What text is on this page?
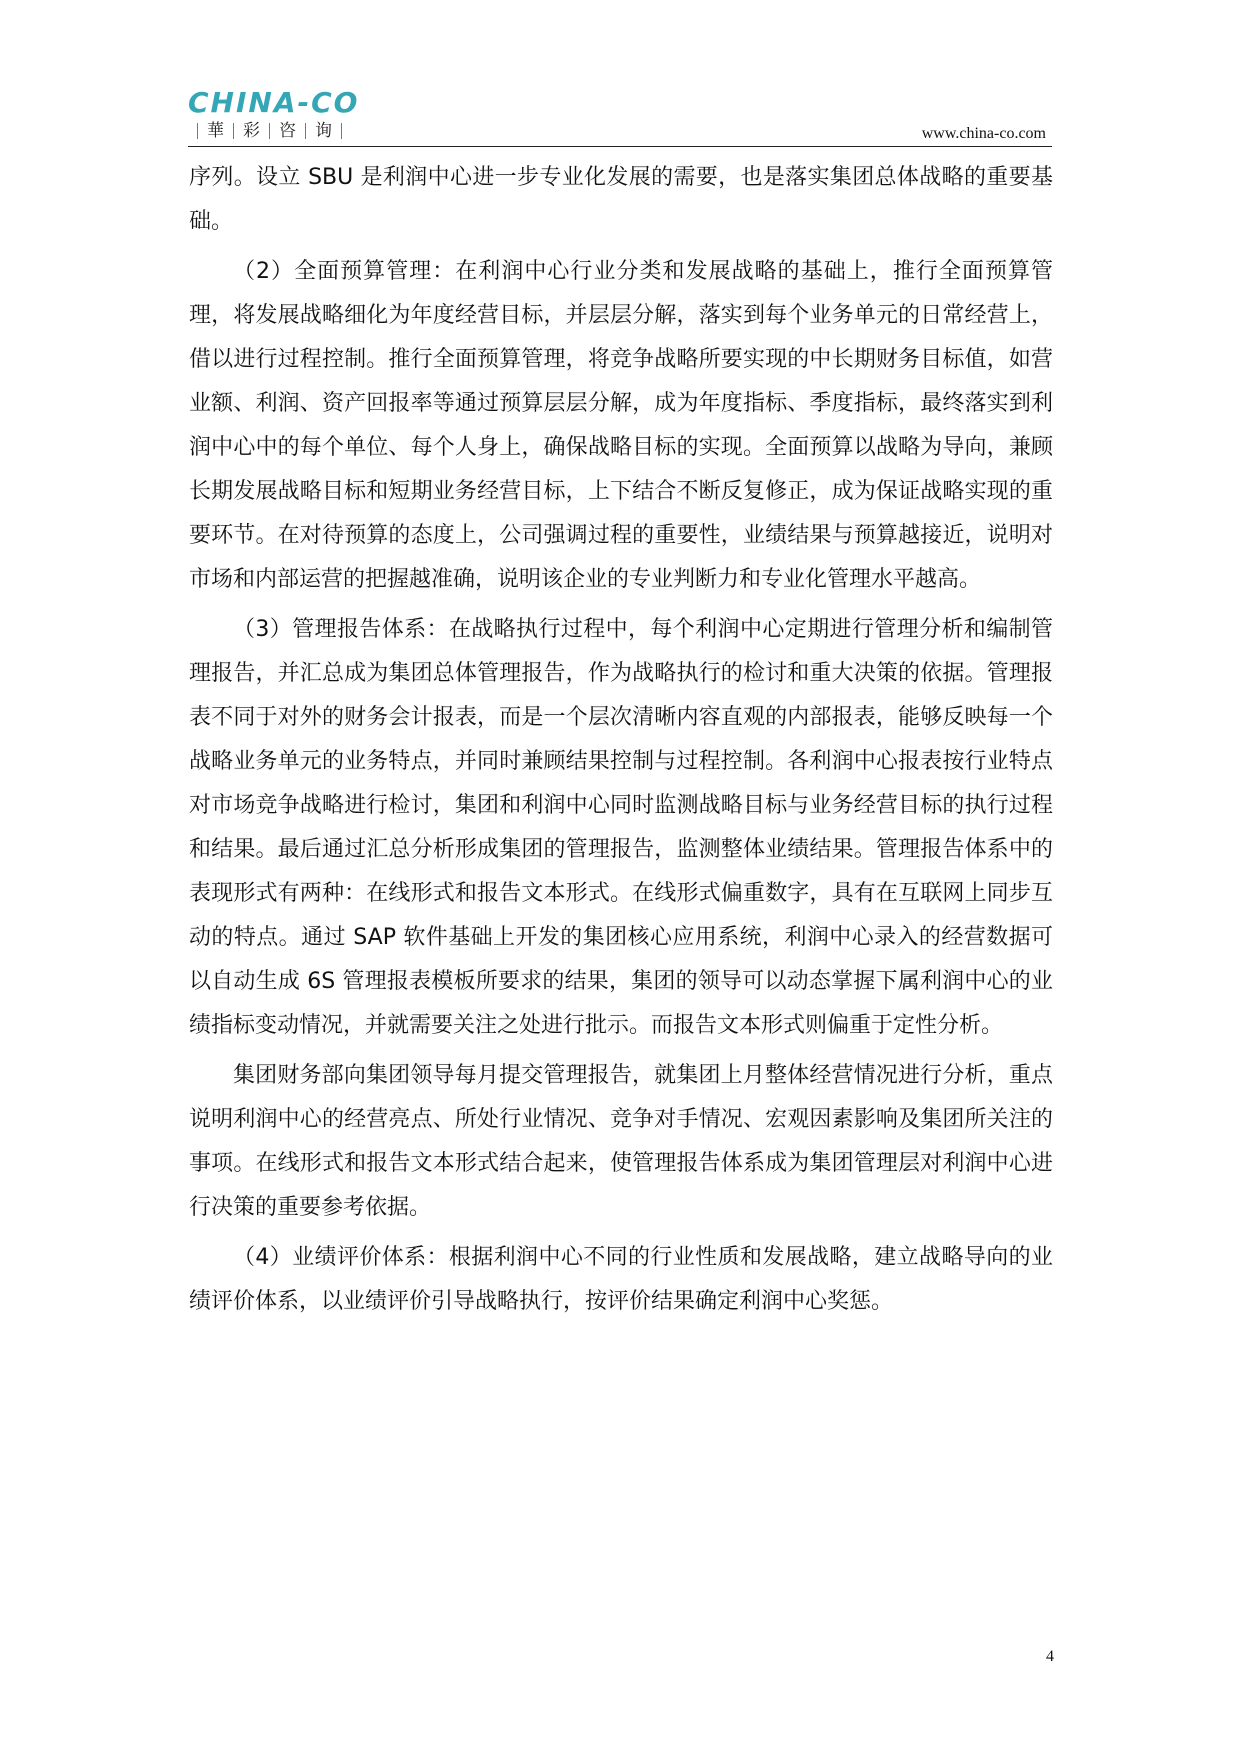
CHINA-CO
華 彩 咨 询	www.china-co.com

序列。设立 SBU 是利润中心进一步专业化发展的需要，也是落实集团总体战略的重要基础。

（2）全面预算管理：在利润中心行业分类和发展战略的基础上，推行全面预算管理，将发展战略细化为年度经营目标，并层层分解，落实到每个业务单元的日常经营上，借以进行过程控制。推行全面预算管理，将竞争战略所要实现的中长期财务目标值，如营业额、利润、资产回报率等通过预算层层分解，成为年度指标、季度指标，最终落实到利润中心中的每个单位、每个人身上，确保战略目标的实现。全面预算以战略为导向，兼顾长期发展战略目标和短期业务经营目标，上下结合不断反复修正，成为保证战略实现的重要环节。在对待预算的态度上，公司强调过程的重要性，业绩结果与预算越接近，说明对市场和内部运营的把握越准确，说明该企业的专业判断力和专业化管理水平越高。

（3）管理报告体系：在战略执行过程中，每个利润中心定期进行管理分析和编制管理报告，并汇总成为集团总体管理报告，作为战略执行的检讨和重大决策的依据。管理报表不同于对外的财务会计报表，而是一个层次清晰内容直观的内部报表，能够反映每一个战略业务单元的业务特点，并同时兼顾结果控制与过程控制。各利润中心报表按行业特点对市场竞争战略进行检讨，集团和利润中心同时监测战略目标与业务经营目标的执行过程和结果。最后通过汇总分析形成集团的管理报告，监测整体业绩结果。管理报告体系中的表现形式有两种：在线形式和报告文本形式。在线形式偏重数字，具有在互联网上同步互动的特点。通过 SAP 软件基础上开发的集团核心应用系统，利润中心录入的经营数据可以自动生成 6S 管理报表模板所要求的结果，集团的领导可以动态掌握下属利润中心的业绩指标变动情况，并就需要关注之处进行批示。而报告文本形式则偏重于定性分析。

集团财务部向集团领导每月提交管理报告，就集团上月整体经营情况进行分析，重点说明利润中心的经营亮点、所处行业情况、竞争对手情况、宏观因素影响及集团所关注的事项。在线形式和报告文本形式结合起来，使管理报告体系成为集团管理层对利润中心进行决策的重要参考依据。

（4）业绩评价体系：根据利润中心不同的行业性质和发展战略，建立战略导向的业绩评价体系，以业绩评价引导战略执行，按评价结果确定利润中心奖惩。

4
